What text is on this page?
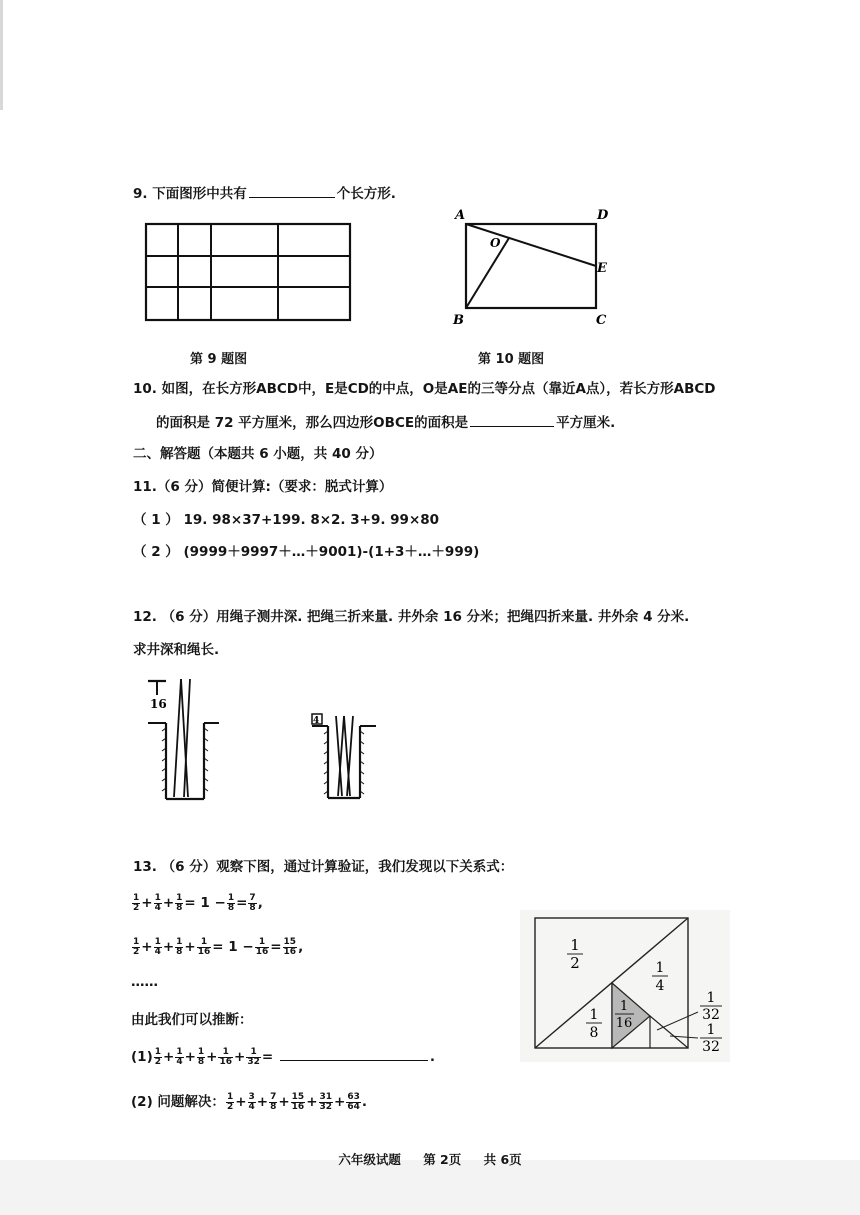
9. 下面图形中共有	个长方形.
第 9 题图
A	D
O
E
B	C
第 10 题图
10. 如图，在长方形ABCD中，E是CD的中点，O是AE的三等分点（靠近A点），若长方形ABCD
的面积是 72 平方厘米，那么四边形OBCE的面积是	平方厘米.
二、解答题（本题共 6 小题，共 40 分）
11.（6 分）简便计算:（要求：脱式计算）
（ 1 ） 19. 98×37+199. 8×2. 3+9. 99×80
（ 2 ） (9999＋9997＋…＋9001)-(1+3＋…＋999)
12. （6 分）用绳子测井深. 把绳三折来量. 井外余 16 分米；把绳四折来量. 井外余 4 分米.
求井深和绳长.
16
4
13. （6 分）观察下图，通过计算验证，我们发现以下关系式：
$\frac{1}{2} + \frac{1}{4} + \frac{1}{8} = 1 - \frac{1}{8} = \frac{7}{8}$ ,
$\frac{1}{2} + \frac{1}{4} + \frac{1}{8} + \frac{1}{16} = 1 - \frac{1}{16} = \frac{15}{16}$ ,
……
由此我们可以推断：
$(1) \frac{1}{2} + \frac{1}{4} + \frac{1}{8} + \frac{1}{16} + \frac{1}{32}$ =	.
(2) 问题解决： $\frac{1}{2} + \frac{3}{4} + \frac{7}{8} + \frac{15}{16} + \frac{31}{32} + \frac{63}{64}$ .
1
2	1
4
1
8
1
16
1
32
1
32
六年级试题 第 2页 共 6页
